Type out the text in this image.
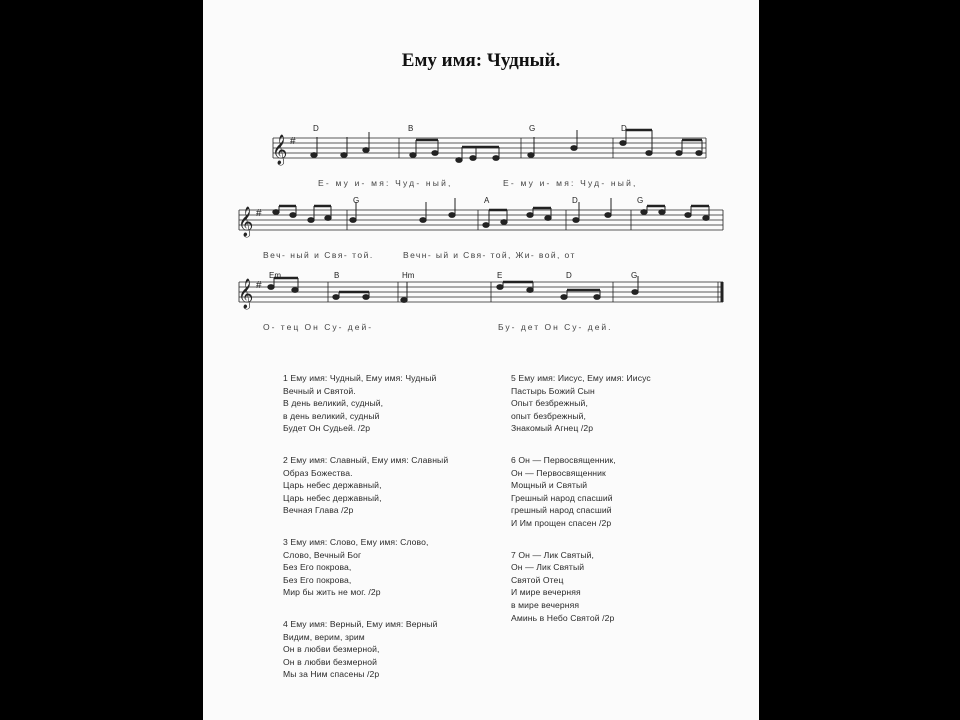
Ему имя: Чудный.
𝄞 #
D	B	G	D
Е- му и- мя: Чуд- ный,	Е- му и- мя: Чуд- ный,
𝄞 #
G	A	D	G
Веч- ный и Свя- той.	Вечн- ый и Свя- той, Жи- вой, от
𝄞 #
Em	B	Hm	E	D	G
О- тец Он Су- дей-	Бу- дет Он Су- дей.
1 Ему имя: Чудный, Ему имя: Чудный
Вечный и Святой.
В день великий, судный,
в день великий, судный
Будет Он Судьей. /2р
2 Ему имя: Славный, Ему имя: Славный
Образ Божества.
Царь небес державный,
Царь небес державный,
Вечная Глава /2р
3 Ему имя: Слово, Ему имя: Слово,
Слово, Вечный Бог
Без Его покрова,
Без Его покрова,
Мир бы жить не мог. /2р
4 Ему имя: Верный, Ему имя: Верный
Видим, верим, зрим
Он в любви безмерной,
Он в любви безмерной
Мы за Ним спасены /2р
5 Ему имя: Иисус, Ему имя: Иисус
Пастырь Божий Сын
Опыт безбрежный,
опыт безбрежный,
Знакомый Агнец /2р
6 Он — Первосвященник,
Он — Первосвященник
Мощный и Святый
Грешный народ спасший
грешный народ спасший
И Им прощен спасен /2р
7 Он — Лик Святый,
Он — Лик Святый
Святой Отец
И мире вечерняя
в мире вечерняя
Аминь в Небо Святой /2р
